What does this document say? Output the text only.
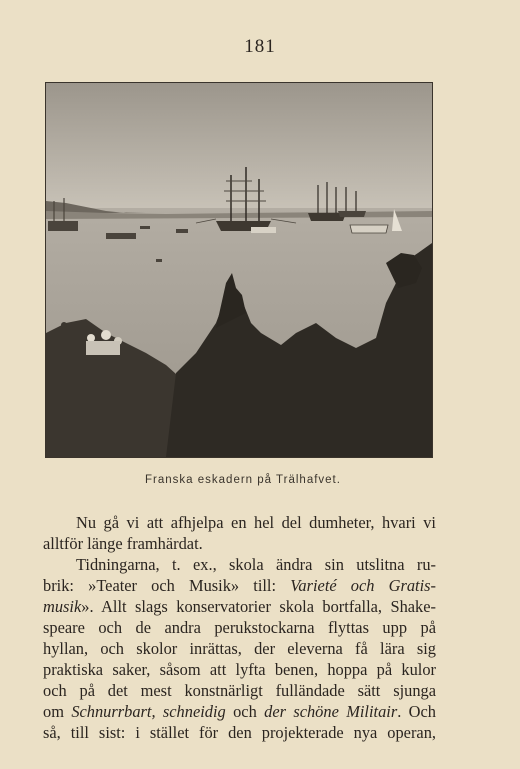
181
Franska eskadern på Trälhafvet.
Nu gå vi att afhjelpa en hel del dumheter, hvari vi
alltför länge framhärdat.
Tidningarna, t. ex., skola ändra sin utslitna ru-
brik: »Teater och Musik» till: Varieté och Gratis-
musik». Allt slags konservatorier skola bortfalla, Shake-
speare och de andra perukstockarna flyttas upp på
hyllan, och skolor inrättas, der eleverna få lära sig
praktiska saker, såsom att lyfta benen, hoppa på kulor
och på det mest konstnärligt fulländade sätt sjunga
om Schnurrbart, schneidig och der schöne Militair. Och
så, till sist: i stället för den projekterade nya operan,
